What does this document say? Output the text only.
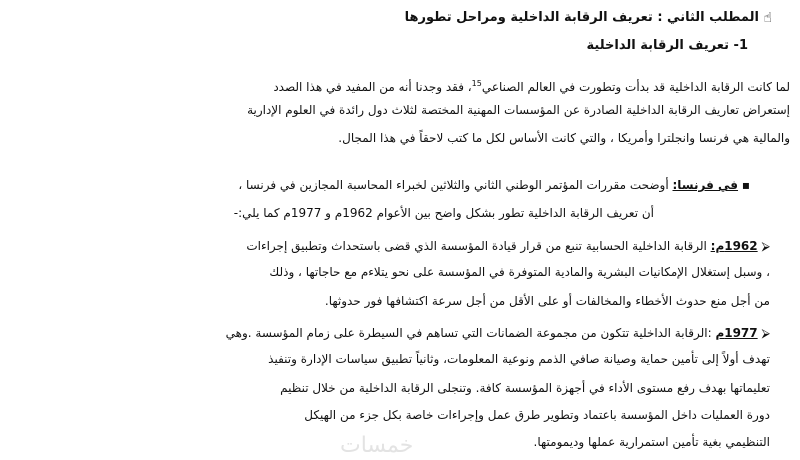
☝ المطلب الثاني : تعريف الرقابة الداخلية ومراحل تطورها
1- تعريف الرقابة الداخلية
لما كانت الرقابة الداخلية قد بدأت وتطورت في العالم الصناعي$^{15}$، فقد وجدنا أنه من المفيد في هذا الصدد
إستعراض تعاريف الرقابة الداخلية الصادرة عن المؤسسات المهنية المختصة لثلاث دول رائدة في العلوم الإدارية
والمالية هي فرنسا وانجلترا وأمريكا ، والتي كانت الأساس لكل ما كتب لاحقاً في هذا المجال.
▪ في فرنسا: أوضحت مقررات المؤتمر الوطني الثاني والثلاثين لخبراء المحاسبة المجازين في فرنسا ،
أن تعريف الرقابة الداخلية تطور بشكل واضح بين الأعوام 1962م و 1977م كما يلي:-
⮚ 1962م: الرقابة الداخلية الحسابية تنبع من قرار قيادة المؤسسة الذي قضى باستحداث وتطبيق إجراءات
، وسبل إستغلال الإمكانيات البشرية والمادية المتوفرة في المؤسسة على نحو يتلاءم مع حاجاتها ، وذلك
من أجل منع حدوث الأخطاء والمخالفات أو على الأقل من أجل سرعة اكتشافها فور حدوثها.
⮚ 1977م :الرقابة الداخلية تتكون من مجموعة الضمانات التي تساهم في السيطرة على زمام المؤسسة .وهي
تهدف أولاً إلى تأمين حماية وصيانة صافي الذمم ونوعية المعلومات، وثانياً تطبيق سياسات الإدارة وتنفيذ
تعليماتها بهدف رفع مستوى الأداء في أجهزة المؤسسة كافة. وتنجلى الرقابة الداخلية من خلال تنظيم
دورة العمليات داخل المؤسسة باعتماد وتطوير طرق عمل وإجراءات خاصة بكل جزء من الهيكل
التنظيمي بغية تأمين استمرارية عملها وديمومتها.
خمسات
